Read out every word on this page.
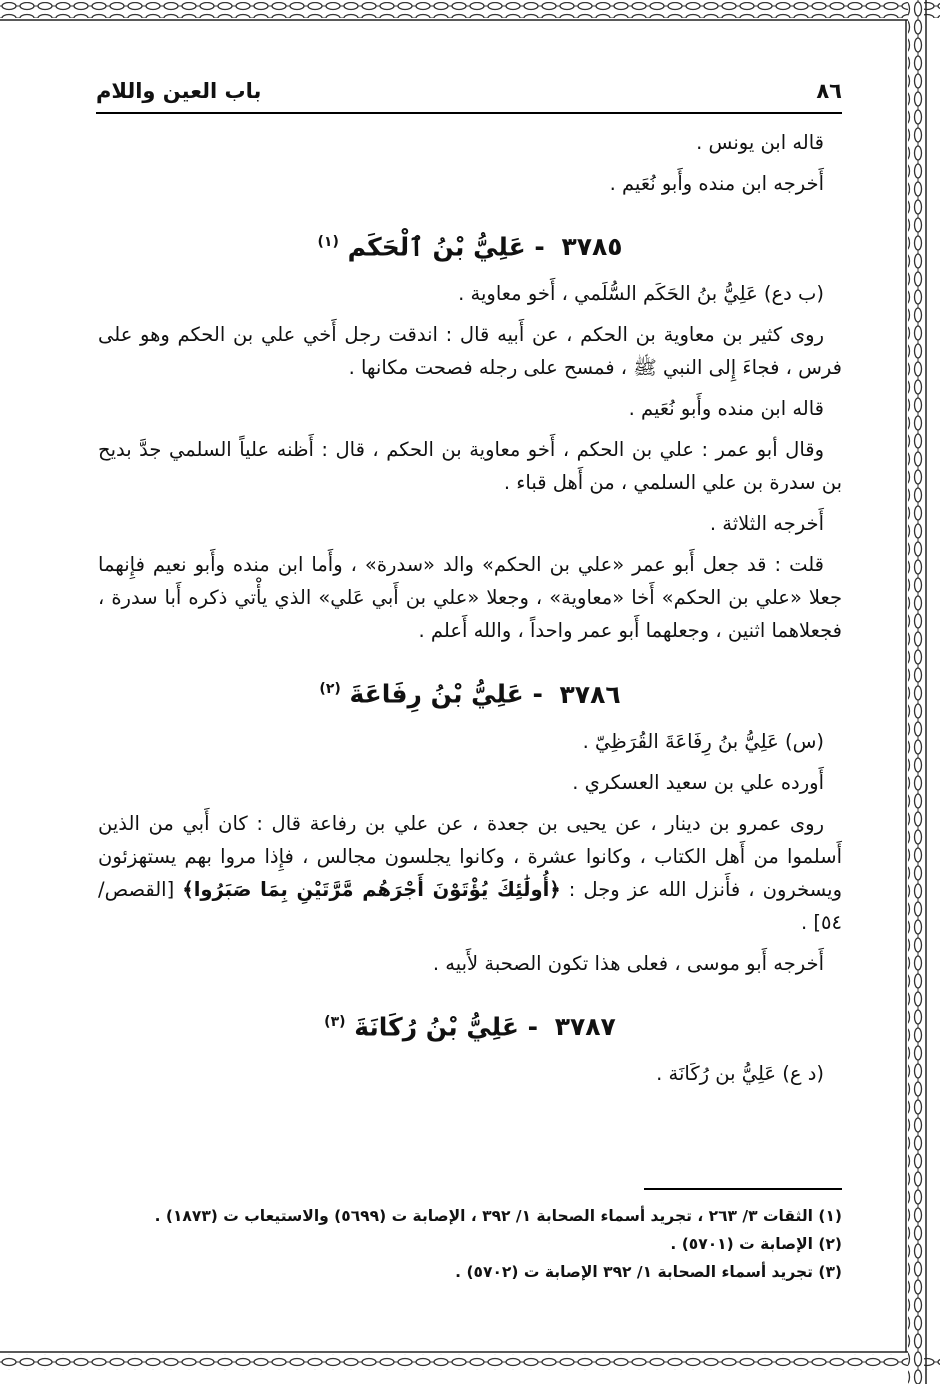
٨٦
باب العين واللام
قاله ابن يونس .
أَخرجه ابن منده وأَبو نُعَيم .
٣٧٨٥ - عَلِيُّ بْنُ ٱلْحَكَم $^{(١)}$
(ب دع) عَلِيُّ بنُ الحَكَم السُّلَمي ، أَخو معاوية .

روى كثير بن معاوية بن الحكم ، عن أَبيه قال : اندقت رجل أَخي علي بن الحكم وهو على فرس ، فجاءَ إِلى النبي ﷺ ، فمسح على رجله فصحت مكانها .

قاله ابن منده وأَبو نُعَيم .

وقال أبو عمر : علي بن الحكم ، أَخو معاوية بن الحكم ، قال : أَظنه علياً السلمي جدَّ بديح بن سدرة بن علي السلمي ، من أَهل قباء .

أَخرجه الثلاثة .

قلت : قد جعل أَبو عمر «علي بن الحكم» والد «سدرة» ، وأَما ابن منده وأَبو نعيم فإِنهما جعلا «علي بن الحكم» أَخا «معاوية» ، وجعلا «علي بن أَبي عَلي» الذي يأْتي ذكره أَبا سدرة ، فجعلاهما اثنين ، وجعلهما أَبو عمر واحداً ، والله أَعلم .

٣٧٨٦ - عَلِيُّ بْنُ رِفَاعَةَ $^{(٢)}$
(س) عَلِيُّ بنُ رِفَاعَةَ القُرَظِيّ .
أَورده علي بن سعيد العسكري .

روى عمرو بن دينار ، عن يحيى بن جعدة ، عن علي بن رفاعة قال : كان أَبي من الذين أَسلموا من أَهل الكتاب ، وكانوا عشرة ، وكانوا يجلسون مجالس ، فإِذا مروا بهم يستهزئون ويسخرون ، فأَنزل الله عز وجل : ﴿أُولَٰئِكَ يُؤْتَوْنَ أَجْرَهُم مَّرَّتَيْنِ بِمَا صَبَرُوا﴾ [القصص/ ٥٤] .

أَخرجه أَبو موسى ، فعلى هذا تكون الصحبة لأَبيه .
٣٧٨٧ - عَلِيُّ بْنُ رُكَانَةَ $^{(٣)}$
(د ع) عَلِيُّ بن رُكَانَة .

(١) الثقات ٣/ ٢٦٣ ، تجريد أسماء الصحابة ١/ ٣٩٢ ، الإصابة ت (٥٦٩٩) والاستيعاب ت (١٨٧٣) .

(٢) الإصابة ت (٥٧٠١) .

(٣) تجريد أسماء الصحابة ١/ ٣٩٢ الإصابة ت (٥٧٠٢) .
